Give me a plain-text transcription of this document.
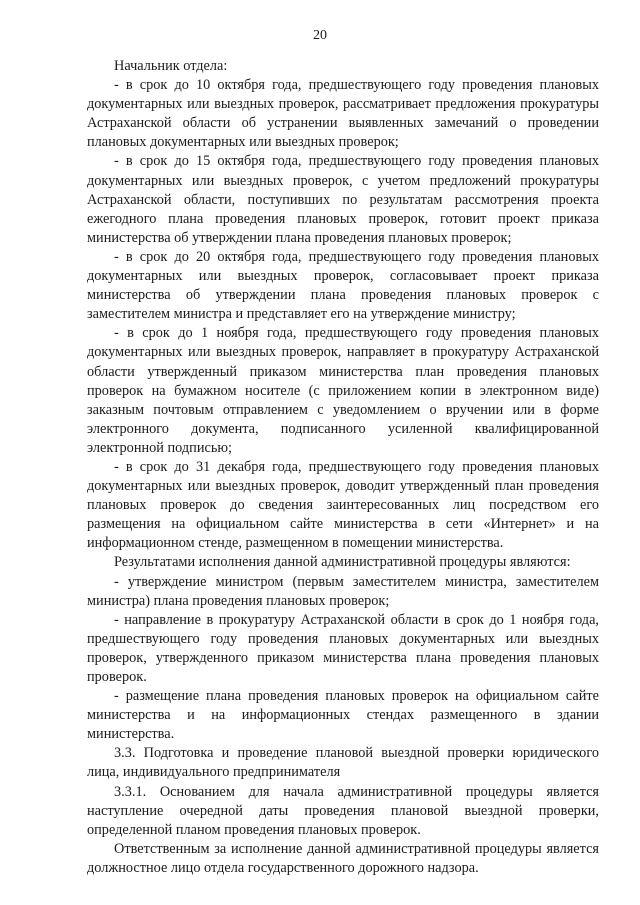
20

Начальник отдела:

- в срок до 10 октября года, предшествующего году проведения плановых документарных или выездных проверок, рассматривает предложения прокуратуры Астраханской области об устранении выявленных замечаний о проведении плановых документарных или выездных проверок;

- в срок до 15 октября года, предшествующего году проведения плановых документарных или выездных проверок, с учетом предложений прокуратуры Астраханской области, поступивших по результатам рассмотрения проекта ежегодного плана проведения плановых проверок, готовит проект приказа министерства об утверждении плана проведения плановых проверок;

- в срок до 20 октября года, предшествующего году проведения плановых документарных или выездных проверок, согласовывает проект приказа министерства об утверждении плана проведения плановых проверок с заместителем министра и представляет его на утверждение министру;

- в срок до 1 ноября года, предшествующего году проведения плановых документарных или выездных проверок, направляет в прокуратуру Астраханской области утвержденный приказом министерства план проведения плановых проверок на бумажном носителе (с приложением копии в электронном виде) заказным почтовым отправлением с уведомлением о вручении или в форме электронного документа, подписанного усиленной квалифицированной электронной подписью;

- в срок до 31 декабря года, предшествующего году проведения плановых документарных или выездных проверок, доводит утвержденный план проведения плановых проверок до сведения заинтересованных лиц посредством его размещения на официальном сайте министерства в сети «Интернет» и на информационном стенде, размещенном в помещении министерства.

Результатами исполнения данной административной процедуры являются:

- утверждение министром (первым заместителем министра, заместителем министра) плана проведения плановых проверок;

- направление в прокуратуру Астраханской области в срок до 1 ноября года, предшествующего году проведения плановых документарных или выездных проверок, утвержденного приказом министерства плана проведения плановых проверок.

- размещение плана проведения плановых проверок на официальном сайте министерства и на информационных стендах размещенного в здании министерства.

3.3. Подготовка и проведение плановой выездной проверки юридического лица, индивидуального предпринимателя

3.3.1. Основанием для начала административной процедуры является наступление очередной даты проведения плановой выездной проверки, определенной планом проведения плановых проверок.

Ответственным за исполнение данной административной процедуры является должностное лицо отдела государственного дорожного надзора.
